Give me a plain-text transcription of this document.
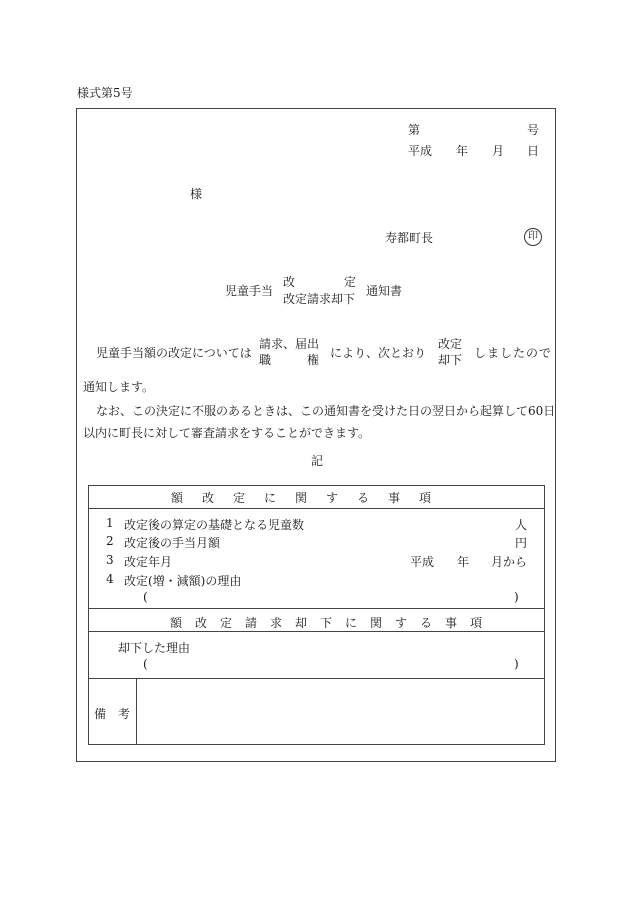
様式第5号
第	号
平成 年 月 日
様
寿都町長	印
児童手当
改	定
改定請求却下
通知書
児童手当額の改定については
請求、届出
職	権 により、次とおり
改定
却下 しましたので
通知します。
なお、この決定に不服のあるときは、この通知書を受けた日の翌日から起算して60日
以内に町長に対して審査請求をすることができます。
記
額改定に関する事項
1 改定後の算定の基礎となる児童数	人
2 改定後の手当月額	円
3 改定年月	平成 年 月から
4 改定(増・減額)の理由
(	)
額改定請求却下に関する事項
却下した理由
(	)
備 考
